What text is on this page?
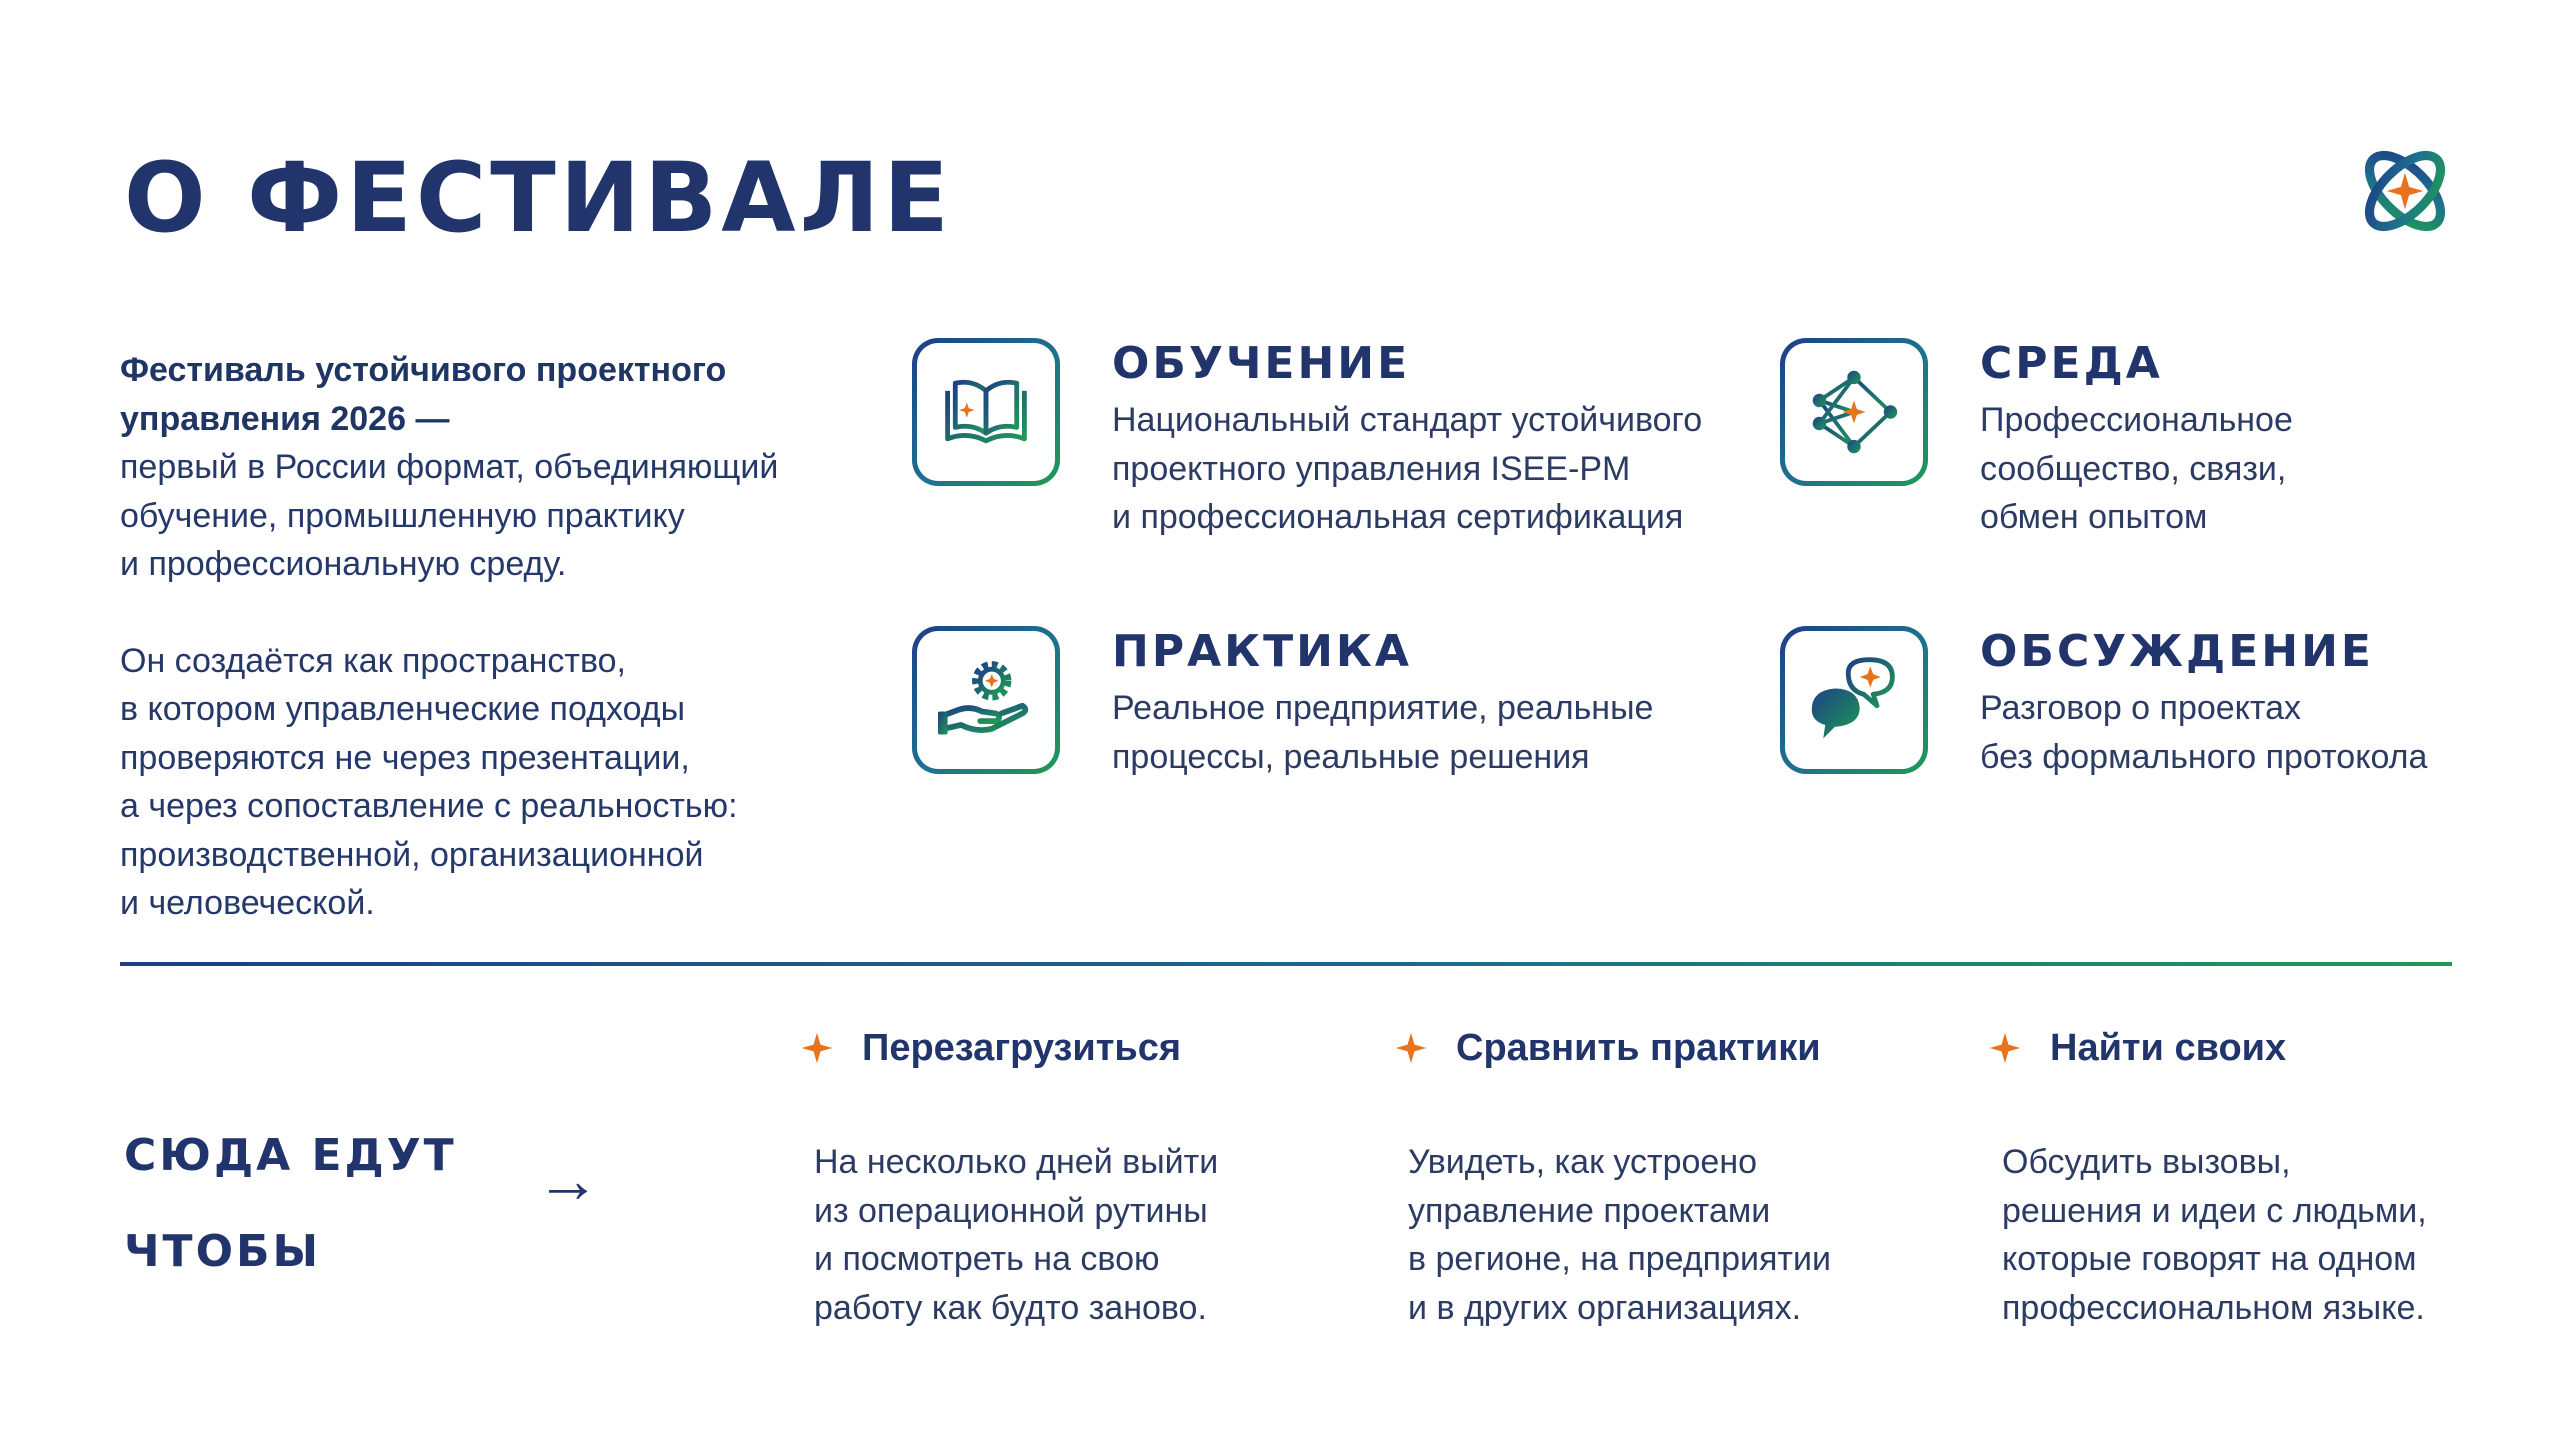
О ФЕСТИВАЛЕ

Фестиваль устойчивого проектного
управления 2026 —

первый в России формат, объединяющий
обучение, промышленную практику
и профессиональную среду.

Он создаётся как пространство,
в котором управленческие подходы
проверяются не через презентации,
а через сопоставление с реальностью:
производственной, организационной
и человеческой.

ОБУЧЕНИЕ
Национальный стандарт устойчивого
проектного управления ISEE-PM
и профессиональная сертификация
СРЕДА
Профессиональное
сообщество, связи,
обмен опытом
ПРАКТИКА
Реальное предприятие, реальные
процессы, реальные решения
ОБСУЖДЕНИЕ
Разговор о проектах
без формального протокола
СЮДА ЕДУТ
ЧТОБЫ
→
Перезагрузиться
На несколько дней выйти
из операционной рутины
и посмотреть на свою
работу как будто заново.
Сравнить практики
Увидеть, как устроено
управление проектами
в регионе, на предприятии
и в других организациях.
Найти своих
Обсудить вызовы,
решения и идеи с людьми,
которые говорят на одном
профессиональном языке.
